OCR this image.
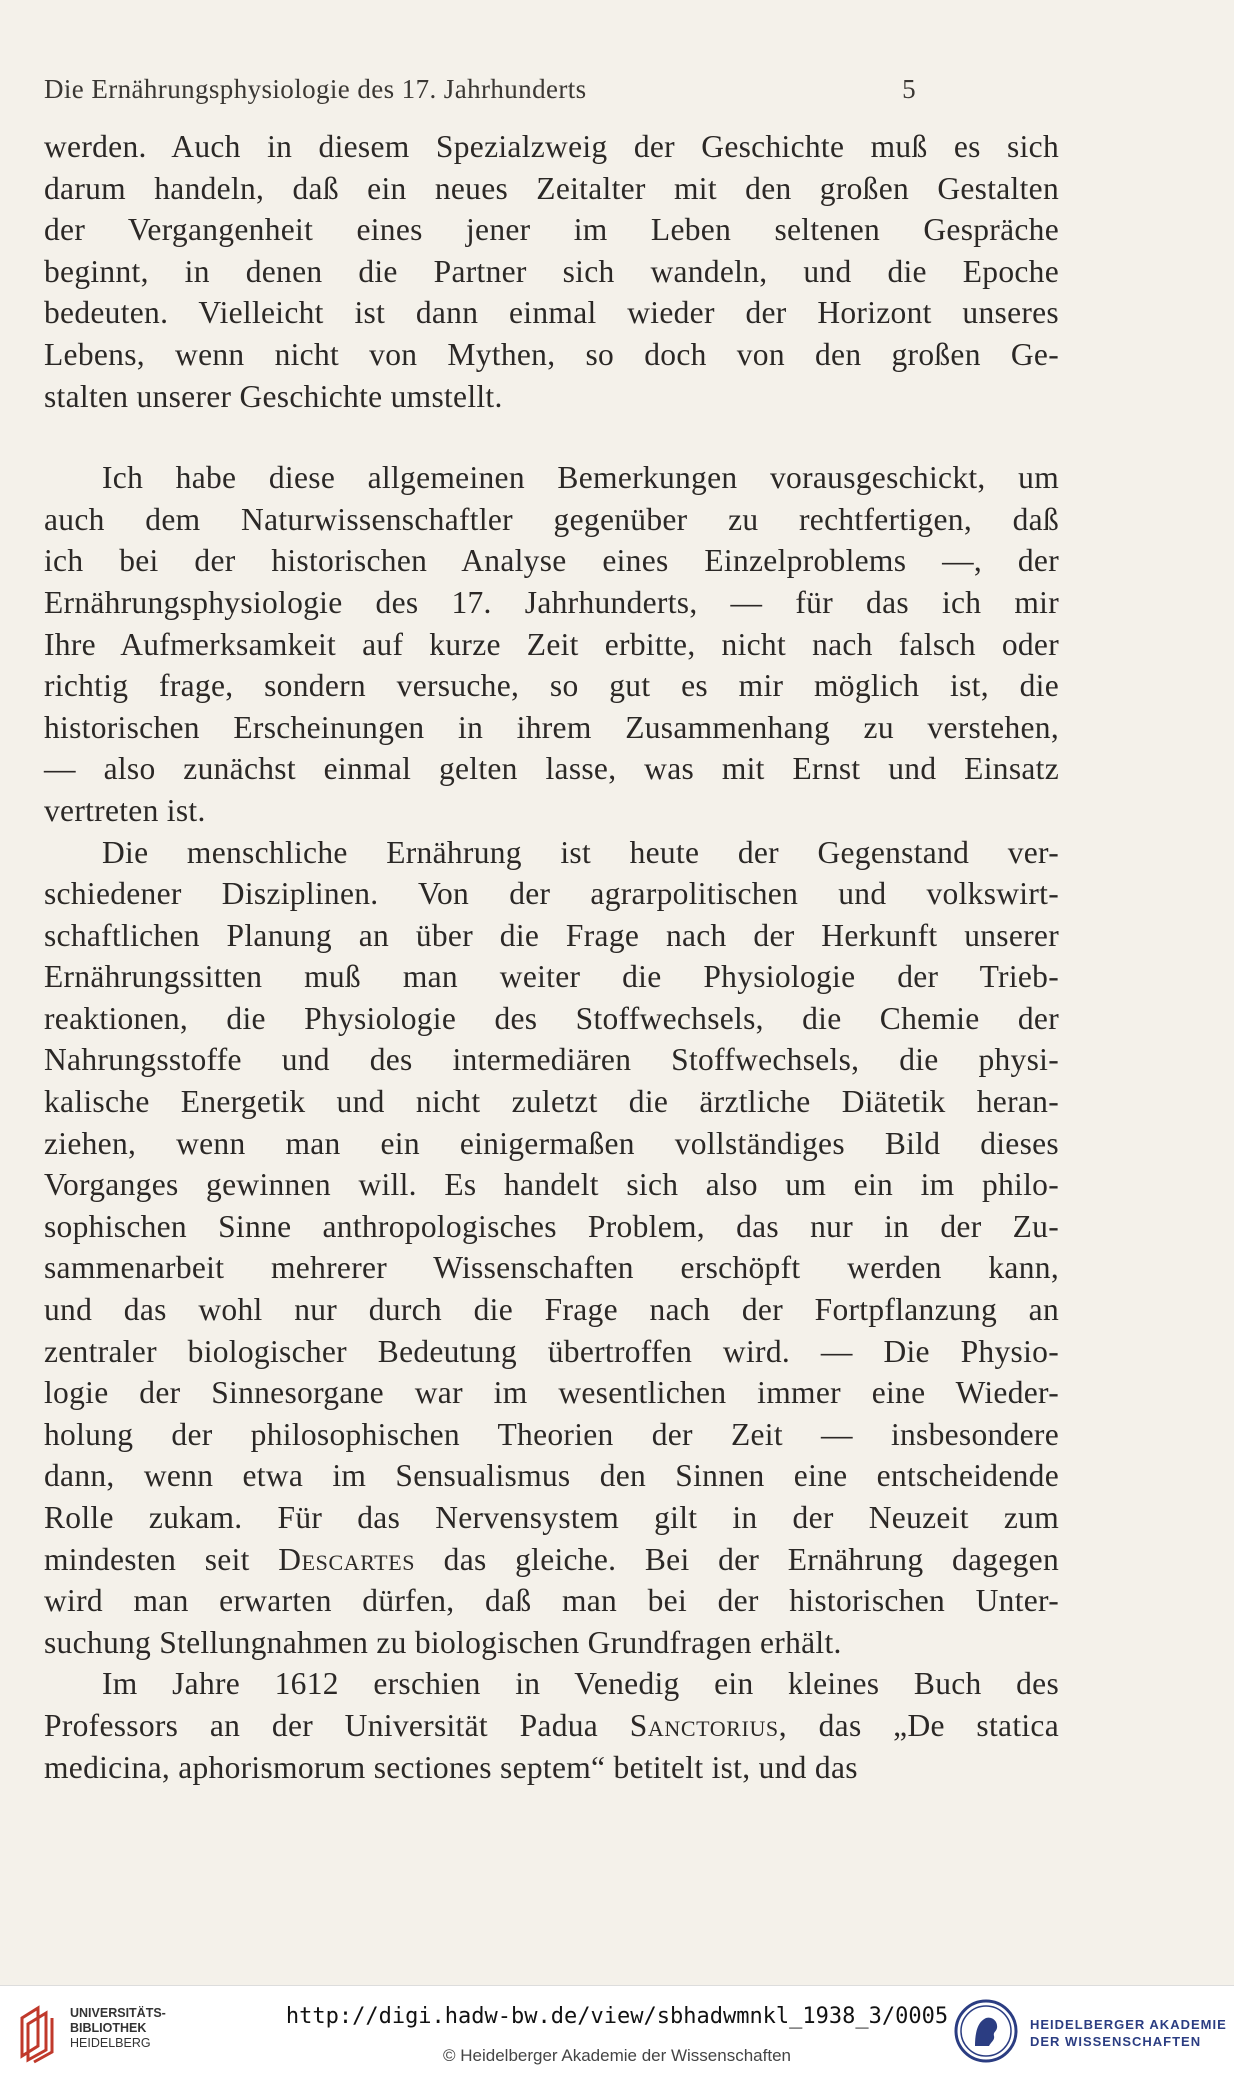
Die Ernährungsphysiologie des 17. Jahrhunderts	5
werden. Auch in diesem Spezialzweig der Geschichte muß es sich
darum handeln, daß ein neues Zeitalter mit den großen Gestalten
der Vergangenheit eines jener im Leben seltenen Gespräche
beginnt, in denen die Partner sich wandeln, und die Epoche
bedeuten. Vielleicht ist dann einmal wieder der Horizont unseres
Lebens, wenn nicht von Mythen, so doch von den großen Ge-
stalten unserer Geschichte umstellt.
Ich habe diese allgemeinen Bemerkungen vorausgeschickt, um
auch dem Naturwissenschaftler gegenüber zu rechtfertigen, daß
ich bei der historischen Analyse eines Einzelproblems —, der
Ernährungsphysiologie des 17. Jahrhunderts, — für das ich mir
Ihre Aufmerksamkeit auf kurze Zeit erbitte, nicht nach falsch oder
richtig frage, sondern versuche, so gut es mir möglich ist, die
historischen Erscheinungen in ihrem Zusammenhang zu verstehen,
— also zunächst einmal gelten lasse, was mit Ernst und Einsatz
vertreten ist.
Die menschliche Ernährung ist heute der Gegenstand ver-
schiedener Disziplinen. Von der agrarpolitischen und volkswirt-
schaftlichen Planung an über die Frage nach der Herkunft unserer
Ernährungssitten muß man weiter die Physiologie der Trieb-
reaktionen, die Physiologie des Stoffwechsels, die Chemie der
Nahrungsstoffe und des intermediären Stoffwechsels, die physi-
kalische Energetik und nicht zuletzt die ärztliche Diätetik heran-
ziehen, wenn man ein einigermaßen vollständiges Bild dieses
Vorganges gewinnen will. Es handelt sich also um ein im philo-
sophischen Sinne anthropologisches Problem, das nur in der Zu-
sammenarbeit mehrerer Wissenschaften erschöpft werden kann,
und das wohl nur durch die Frage nach der Fortpflanzung an
zentraler biologischer Bedeutung übertroffen wird. — Die Physio-
logie der Sinnesorgane war im wesentlichen immer eine Wieder-
holung der philosophischen Theorien der Zeit — insbesondere
dann, wenn etwa im Sensualismus den Sinnen eine entscheidende
Rolle zukam. Für das Nervensystem gilt in der Neuzeit zum
mindesten seit Descartes das gleiche. Bei der Ernährung dagegen
wird man erwarten dürfen, daß man bei der historischen Unter-
suchung Stellungnahmen zu biologischen Grundfragen erhält.
Im Jahre 1612 erschien in Venedig ein kleines Buch des
Professors an der Universität Padua Sanctorius, das „De statica
medicina, aphorismorum sectiones septem“ betitelt ist, und das
UNIVERSITÄTS-
BIBLIOTHEK
HEIDELBERG
http://digi.hadw-bw.de/view/sbhadwmnkl_1938_3/0005
© Heidelberger Akademie der Wissenschaften
HEIDELBERGER AKADEMIE
DER WISSENSCHAFTEN
